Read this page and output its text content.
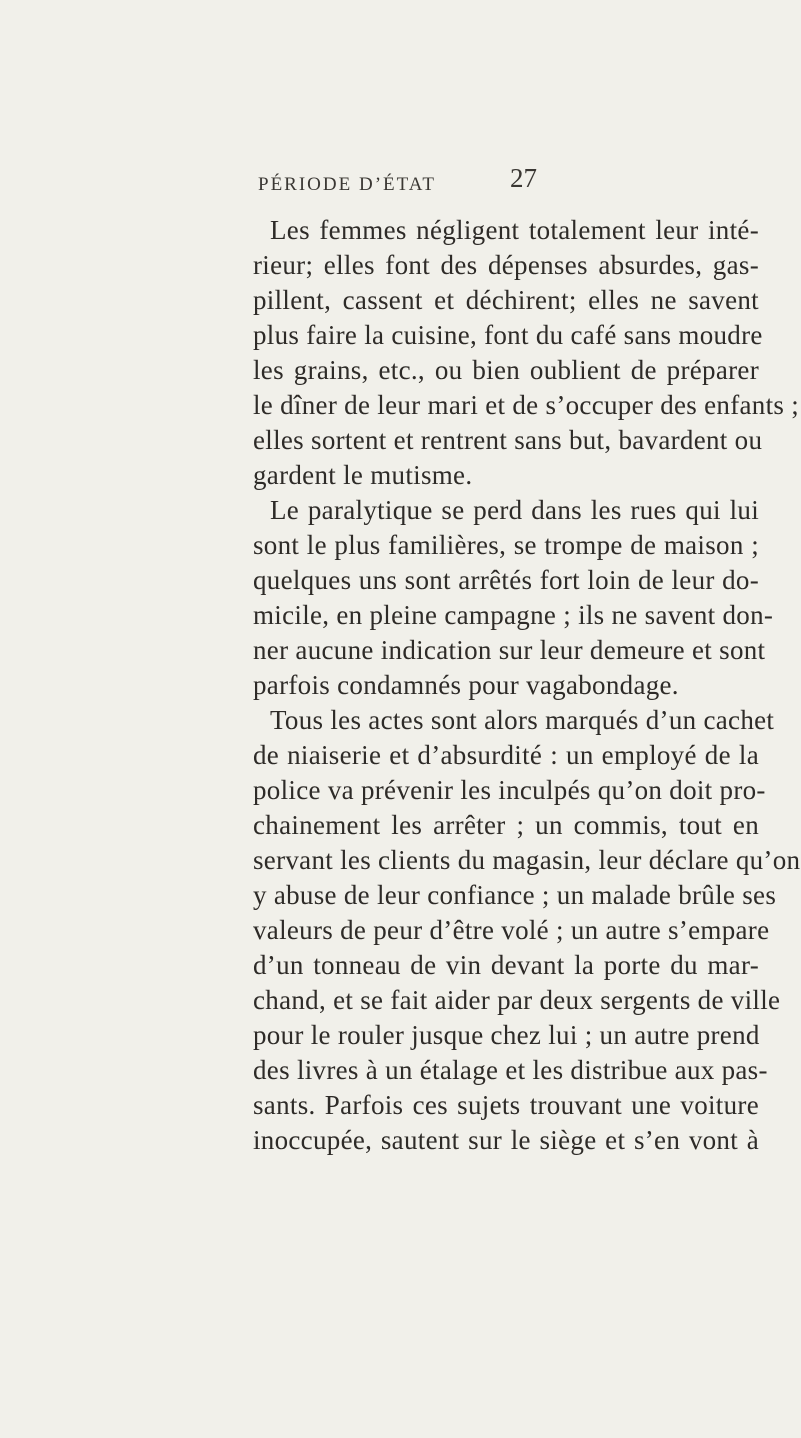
PÉRIODE D’ÉTAT	27
Les femmes négligent totalement leur inté-
rieur; elles font des dépenses absurdes, gas-
pillent, cassent et déchirent; elles ne savent
plus faire la cuisine, font du café sans moudre
les grains, etc., ou bien oublient de préparer
le dîner de leur mari et de s’occuper des enfants ;
elles sortent et rentrent sans but, bavardent ou
gardent le mutisme.
Le paralytique se perd dans les rues qui lui
sont le plus familières, se trompe de maison ;
quelques uns sont arrêtés fort loin de leur do-
micile, en pleine campagne ; ils ne savent don-
ner aucune indication sur leur demeure et sont
parfois condamnés pour vagabondage.
Tous les actes sont alors marqués d’un cachet
de niaiserie et d’absurdité : un employé de la
police va prévenir les inculpés qu’on doit pro-
chainement les arrêter ; un commis, tout en
servant les clients du magasin, leur déclare qu’on
y abuse de leur confiance ; un malade brûle ses
valeurs de peur d’être volé ; un autre s’empare
d’un tonneau de vin devant la porte du mar-
chand, et se fait aider par deux sergents de ville
pour le rouler jusque chez lui ; un autre prend
des livres à un étalage et les distribue aux pas-
sants. Parfois ces sujets trouvant une voiture
inoccupée, sautent sur le siège et s’en vont à
